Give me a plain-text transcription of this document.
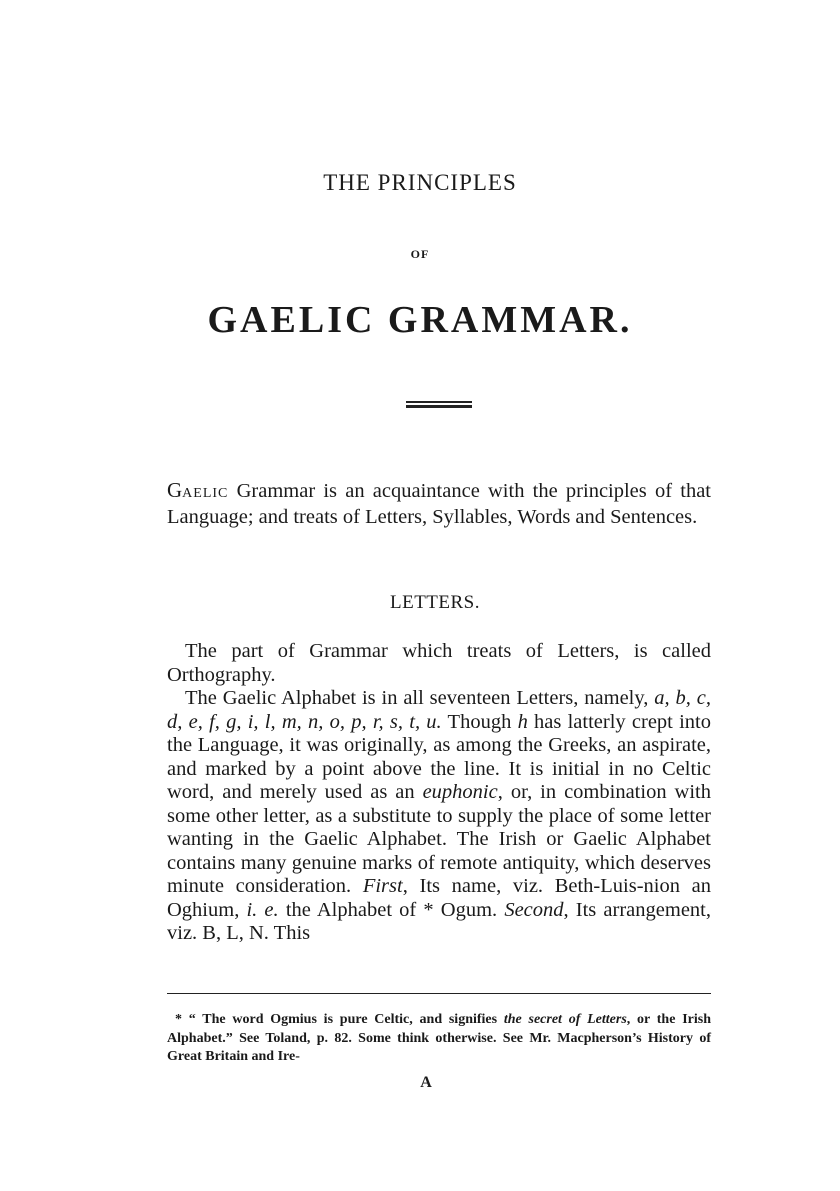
THE PRINCIPLES
OF
GAELIC GRAMMAR.
GAELIC Grammar is an acquaintance with the principles of that Language; and treats of Letters, Syllables, Words and Sentences.
LETTERS.

The part of Grammar which treats of Letters, is called Orthography.

The Gaelic Alphabet is in all seventeen Letters, namely, a, b, c, d, e, f, g, i, l, m, n, o, p, r, s, t, u. Though h has latterly crept into the Language, it was originally, as among the Greeks, an aspirate, and marked by a point above the line. It is initial in no Celtic word, and merely used as an euphonic, or, in combination with some other letter, as a substitute to supply the place of some letter wanting in the Gaelic Alphabet. The Irish or Gaelic Alphabet contains many genuine marks of remote antiquity, which deserves minute consideration. First, Its name, viz. Beth-Luis-nion an Oghium, i. e. the Alphabet of * Ogum. Second, Its arrangement, viz. B, L, N. This

* “ The word Ogmius is pure Celtic, and signifies the secret of Letters, or the Irish Alphabet.” See Toland, p. 82. Some think otherwise. See Mr. Macpherson’s History of Great Britain and Ire-

A
